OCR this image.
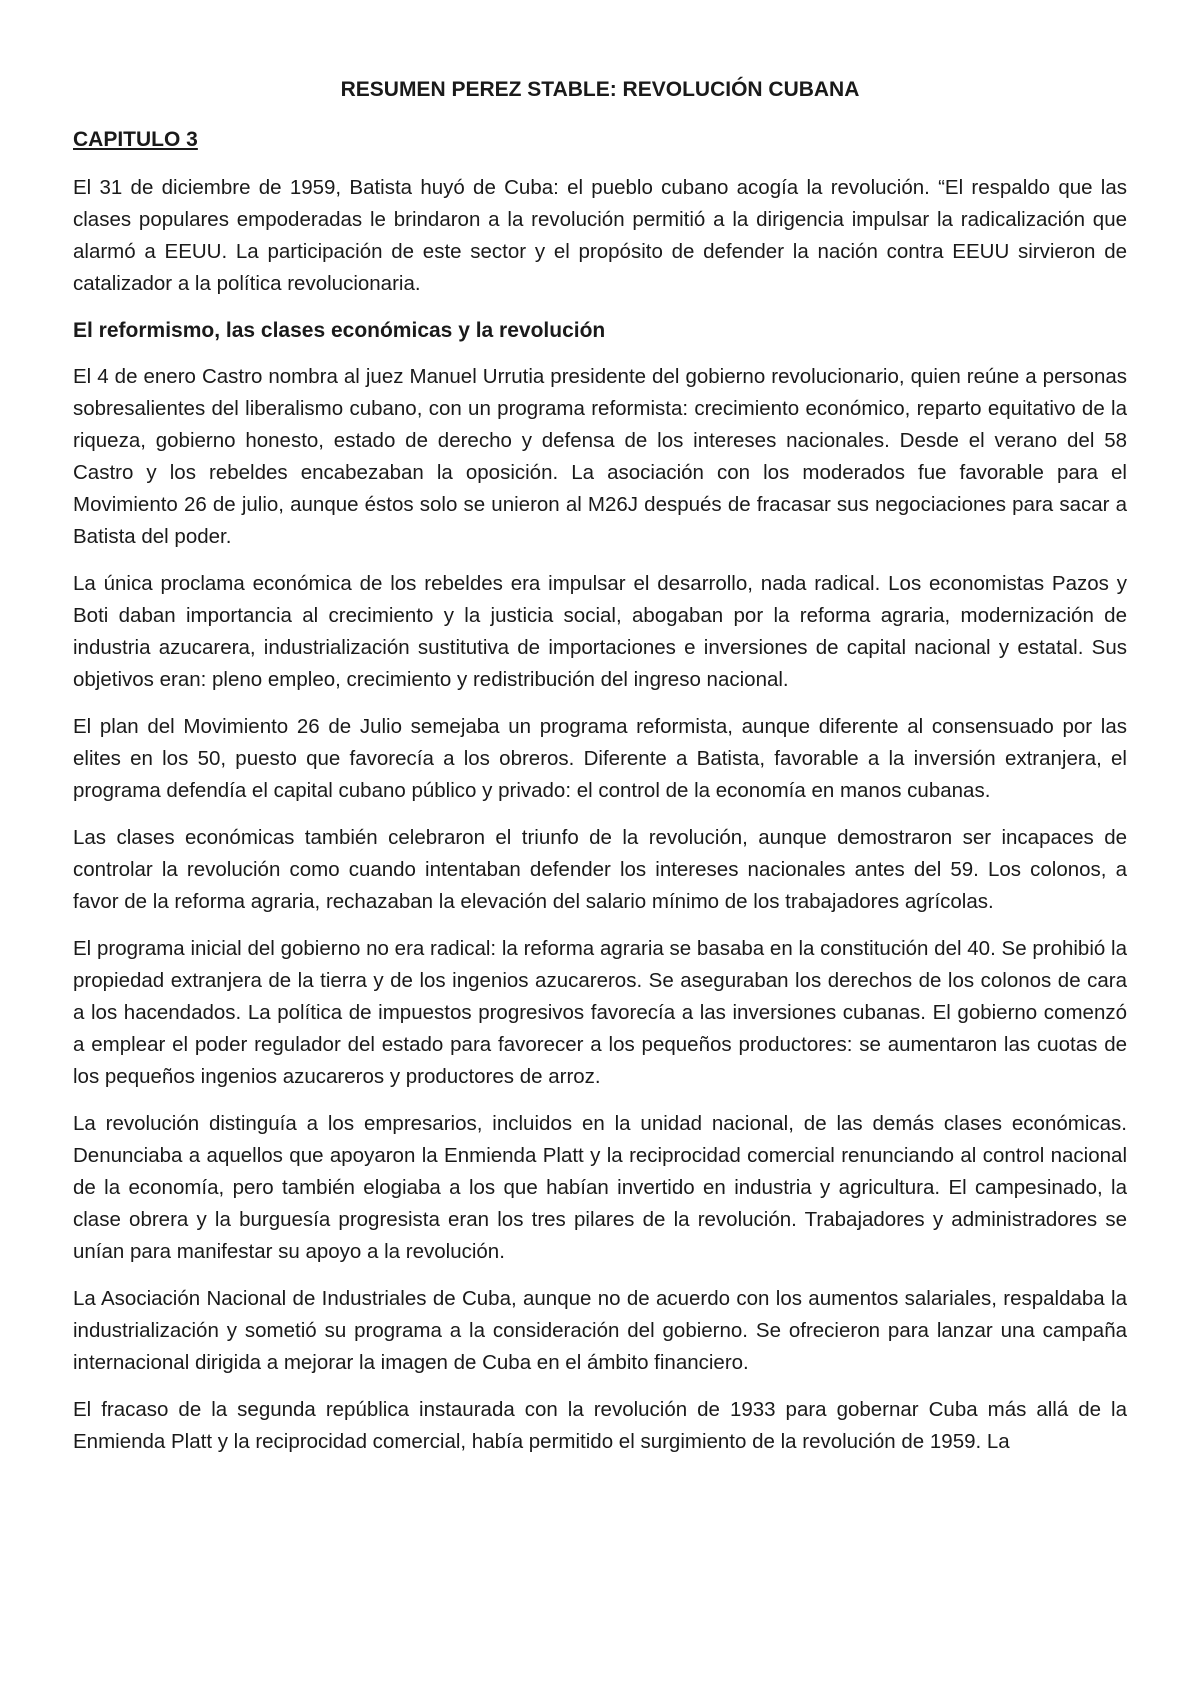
RESUMEN PEREZ STABLE: REVOLUCIÓN CUBANA
CAPITULO 3

El 31 de diciembre de 1959, Batista huyó de Cuba: el pueblo cubano acogía la revolución. “El respaldo que las clases populares empoderadas le brindaron a la revolución permitió a la dirigencia impulsar la radicalización que alarmó a EEUU. La participación de este sector y el propósito de defender la nación contra EEUU sirvieron de catalizador a la política revolucionaria.

El reformismo, las clases económicas y la revolución

El 4 de enero Castro nombra al juez Manuel Urrutia presidente del gobierno revolucionario, quien reúne a personas sobresalientes del liberalismo cubano, con un programa reformista: crecimiento económico, reparto equitativo de la riqueza, gobierno honesto, estado de derecho y defensa de los intereses nacionales. Desde el verano del 58 Castro y los rebeldes encabezaban la oposición. La asociación con los moderados fue favorable para el Movimiento 26 de julio, aunque éstos solo se unieron al M26J después de fracasar sus negociaciones para sacar a Batista del poder.

La única proclama económica de los rebeldes era impulsar el desarrollo, nada radical. Los economistas Pazos y Boti daban importancia al crecimiento y la justicia social, abogaban por la reforma agraria, modernización de industria azucarera, industrialización sustitutiva de importaciones e inversiones de capital nacional y estatal. Sus objetivos eran: pleno empleo, crecimiento y redistribución del ingreso nacional.

El plan del Movimiento 26 de Julio semejaba un programa reformista, aunque diferente al consensuado por las elites en los 50, puesto que favorecía a los obreros. Diferente a Batista, favorable a la inversión extranjera, el programa defendía el capital cubano público y privado: el control de la economía en manos cubanas.

Las clases económicas también celebraron el triunfo de la revolución, aunque demostraron ser incapaces de controlar la revolución como cuando intentaban defender los intereses nacionales antes del 59. Los colonos, a favor de la reforma agraria, rechazaban la elevación del salario mínimo de los trabajadores agrícolas.

El programa inicial del gobierno no era radical: la reforma agraria se basaba en la constitución del 40. Se prohibió la propiedad extranjera de la tierra y de los ingenios azucareros. Se aseguraban los derechos de los colonos de cara a los hacendados. La política de impuestos progresivos favorecía a las inversiones cubanas. El gobierno comenzó a emplear el poder regulador del estado para favorecer a los pequeños productores: se aumentaron las cuotas de los pequeños ingenios azucareros y productores de arroz.

La revolución distinguía a los empresarios, incluidos en la unidad nacional, de las demás clases económicas. Denunciaba a aquellos que apoyaron la Enmienda Platt y la reciprocidad comercial renunciando al control nacional de la economía, pero también elogiaba a los que habían invertido en industria y agricultura. El campesinado, la clase obrera y la burguesía progresista eran los tres pilares de la revolución. Trabajadores y administradores se unían para manifestar su apoyo a la revolución.

La Asociación Nacional de Industriales de Cuba, aunque no de acuerdo con los aumentos salariales, respaldaba la industrialización y sometió su programa a la consideración del gobierno. Se ofrecieron para lanzar una campaña internacional dirigida a mejorar la imagen de Cuba en el ámbito financiero.

El fracaso de la segunda república instaurada con la revolución de 1933 para gobernar Cuba más allá de la Enmienda Platt y la reciprocidad comercial, había permitido el surgimiento de la revolución de 1959. La
